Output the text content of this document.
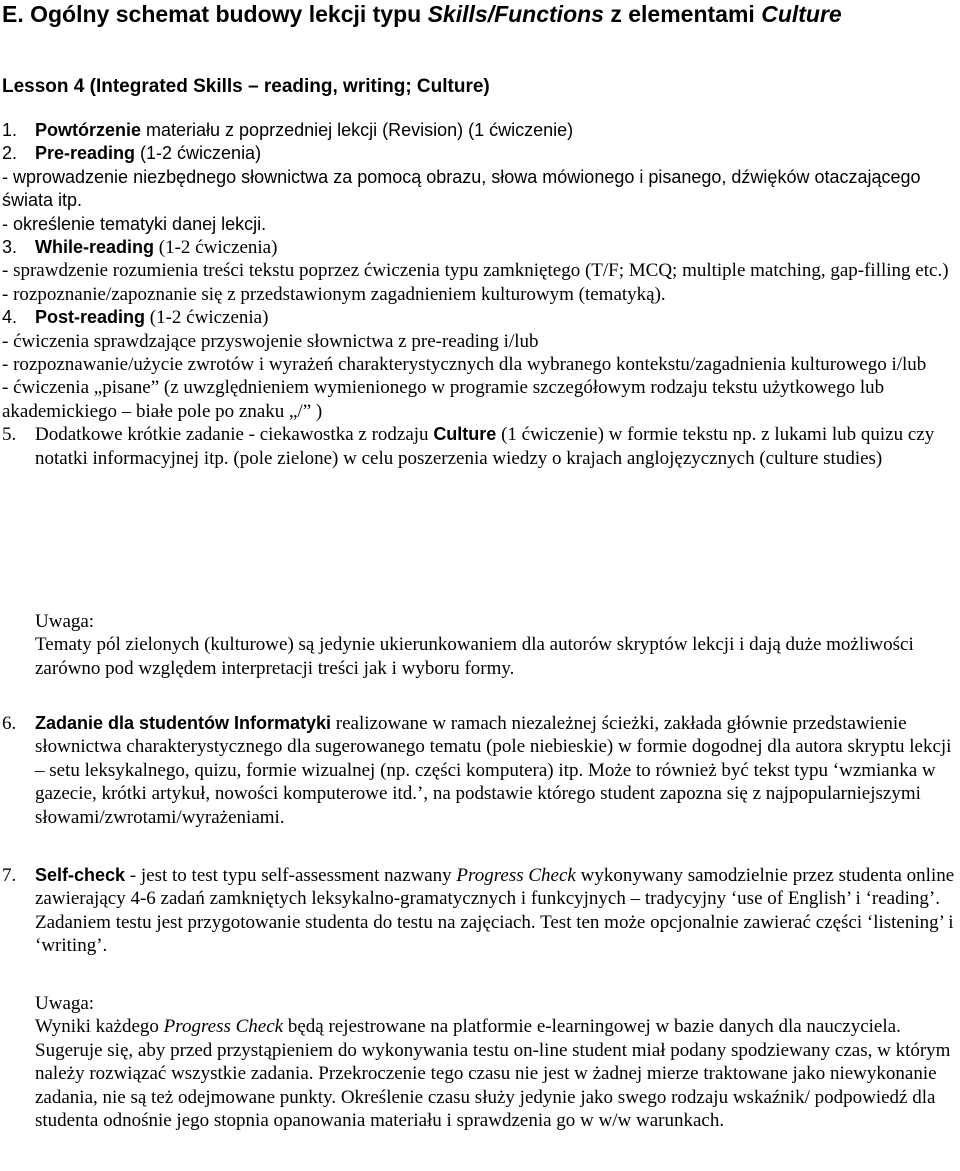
E. Ogólny schemat budowy lekcji typu Skills/Functions z elementami Culture

Lesson 4 (Integrated Skills – reading, writing; Culture)

1. Powtórzenie materiału z poprzedniej lekcji (Revision) (1 ćwiczenie)
2. Pre-reading (1-2 ćwiczenia)

- wprowadzenie niezbędnego słownictwa za pomocą obrazu, słowa mówionego i pisanego, dźwięków otaczającego świata itp.

- określenie tematyki danej lekcji.

3. While-reading (1-2 ćwiczenia)

- sprawdzenie rozumienia treści tekstu poprzez ćwiczenia typu zamkniętego (T/F; MCQ; multiple matching, gap-filling etc.)

- rozpoznanie/zapoznanie się z przedstawionym zagadnieniem kulturowym (tematyką).

4. Post-reading (1-2 ćwiczenia)

- ćwiczenia sprawdzające przyswojenie słownictwa z pre-reading i/lub

- rozpoznawanie/użycie zwrotów i wyrażeń charakterystycznych dla wybranego kontekstu/zagadnienia kulturowego i/lub

- ćwiczenia „pisane” (z uwzględnieniem wymienionego w programie szczegółowym rodzaju tekstu użytkowego lub akademickiego – białe pole po znaku „/” )

5. Dodatkowe krótkie zadanie - ciekawostka z rodzaju Culture (1 ćwiczenie) w formie tekstu np. z lukami lub quizu czy notatki informacyjnej itp. (pole zielone) w celu poszerzenia wiedzy o krajach anglojęzycznych (culture studies)

Uwaga:

Tematy pól zielonych (kulturowe) są jedynie ukierunkowaniem dla autorów skryptów lekcji i dają duże możliwości zarówno pod względem interpretacji treści jak i wyboru formy.

6.	Zadanie dla studentów Informatyki realizowane w ramach niezależnej ścieżki, zakłada głównie przedstawienie słownictwa charakterystycznego dla sugerowanego tematu (pole niebieskie) w formie dogodnej dla autora skryptu lekcji – setu leksykalnego, quizu, formie wizualnej (np. części komputera) itp. Może to również być tekst typu ‘wzmianka w gazecie, krótki artykuł, nowości komputerowe itd.’, na podstawie którego student zapozna się z najpopularniejszymi słowami/zwrotami/wyrażeniami.
7.	Self-check - jest to test typu self-assessment nazwany Progress Check wykonywany samodzielnie przez studenta online zawierający 4-6 zadań zamkniętych leksykalno-gramatycznych i funkcyjnych – tradycyjny ‘use of English’ i ‘reading’. Zadaniem testu jest przygotowanie studenta do testu na zajęciach. Test ten może opcjonalnie zawierać części ‘listening’ i ‘writing’.

Uwaga:

Wyniki każdego Progress Check będą rejestrowane na platformie e-learningowej w bazie danych dla nauczyciela. Sugeruje się, aby przed przystąpieniem do wykonywania testu on-line student miał podany spodziewany czas, w którym należy rozwiązać wszystkie zadania. Przekroczenie tego czasu nie jest w żadnej mierze traktowane jako niewykonanie zadania, nie są też odejmowane punkty. Określenie czasu służy jedynie jako swego rodzaju wskaźnik/ podpowiedź dla studenta odnośnie jego stopnia opanowania materiału i sprawdzenia go w w/w warunkach.
